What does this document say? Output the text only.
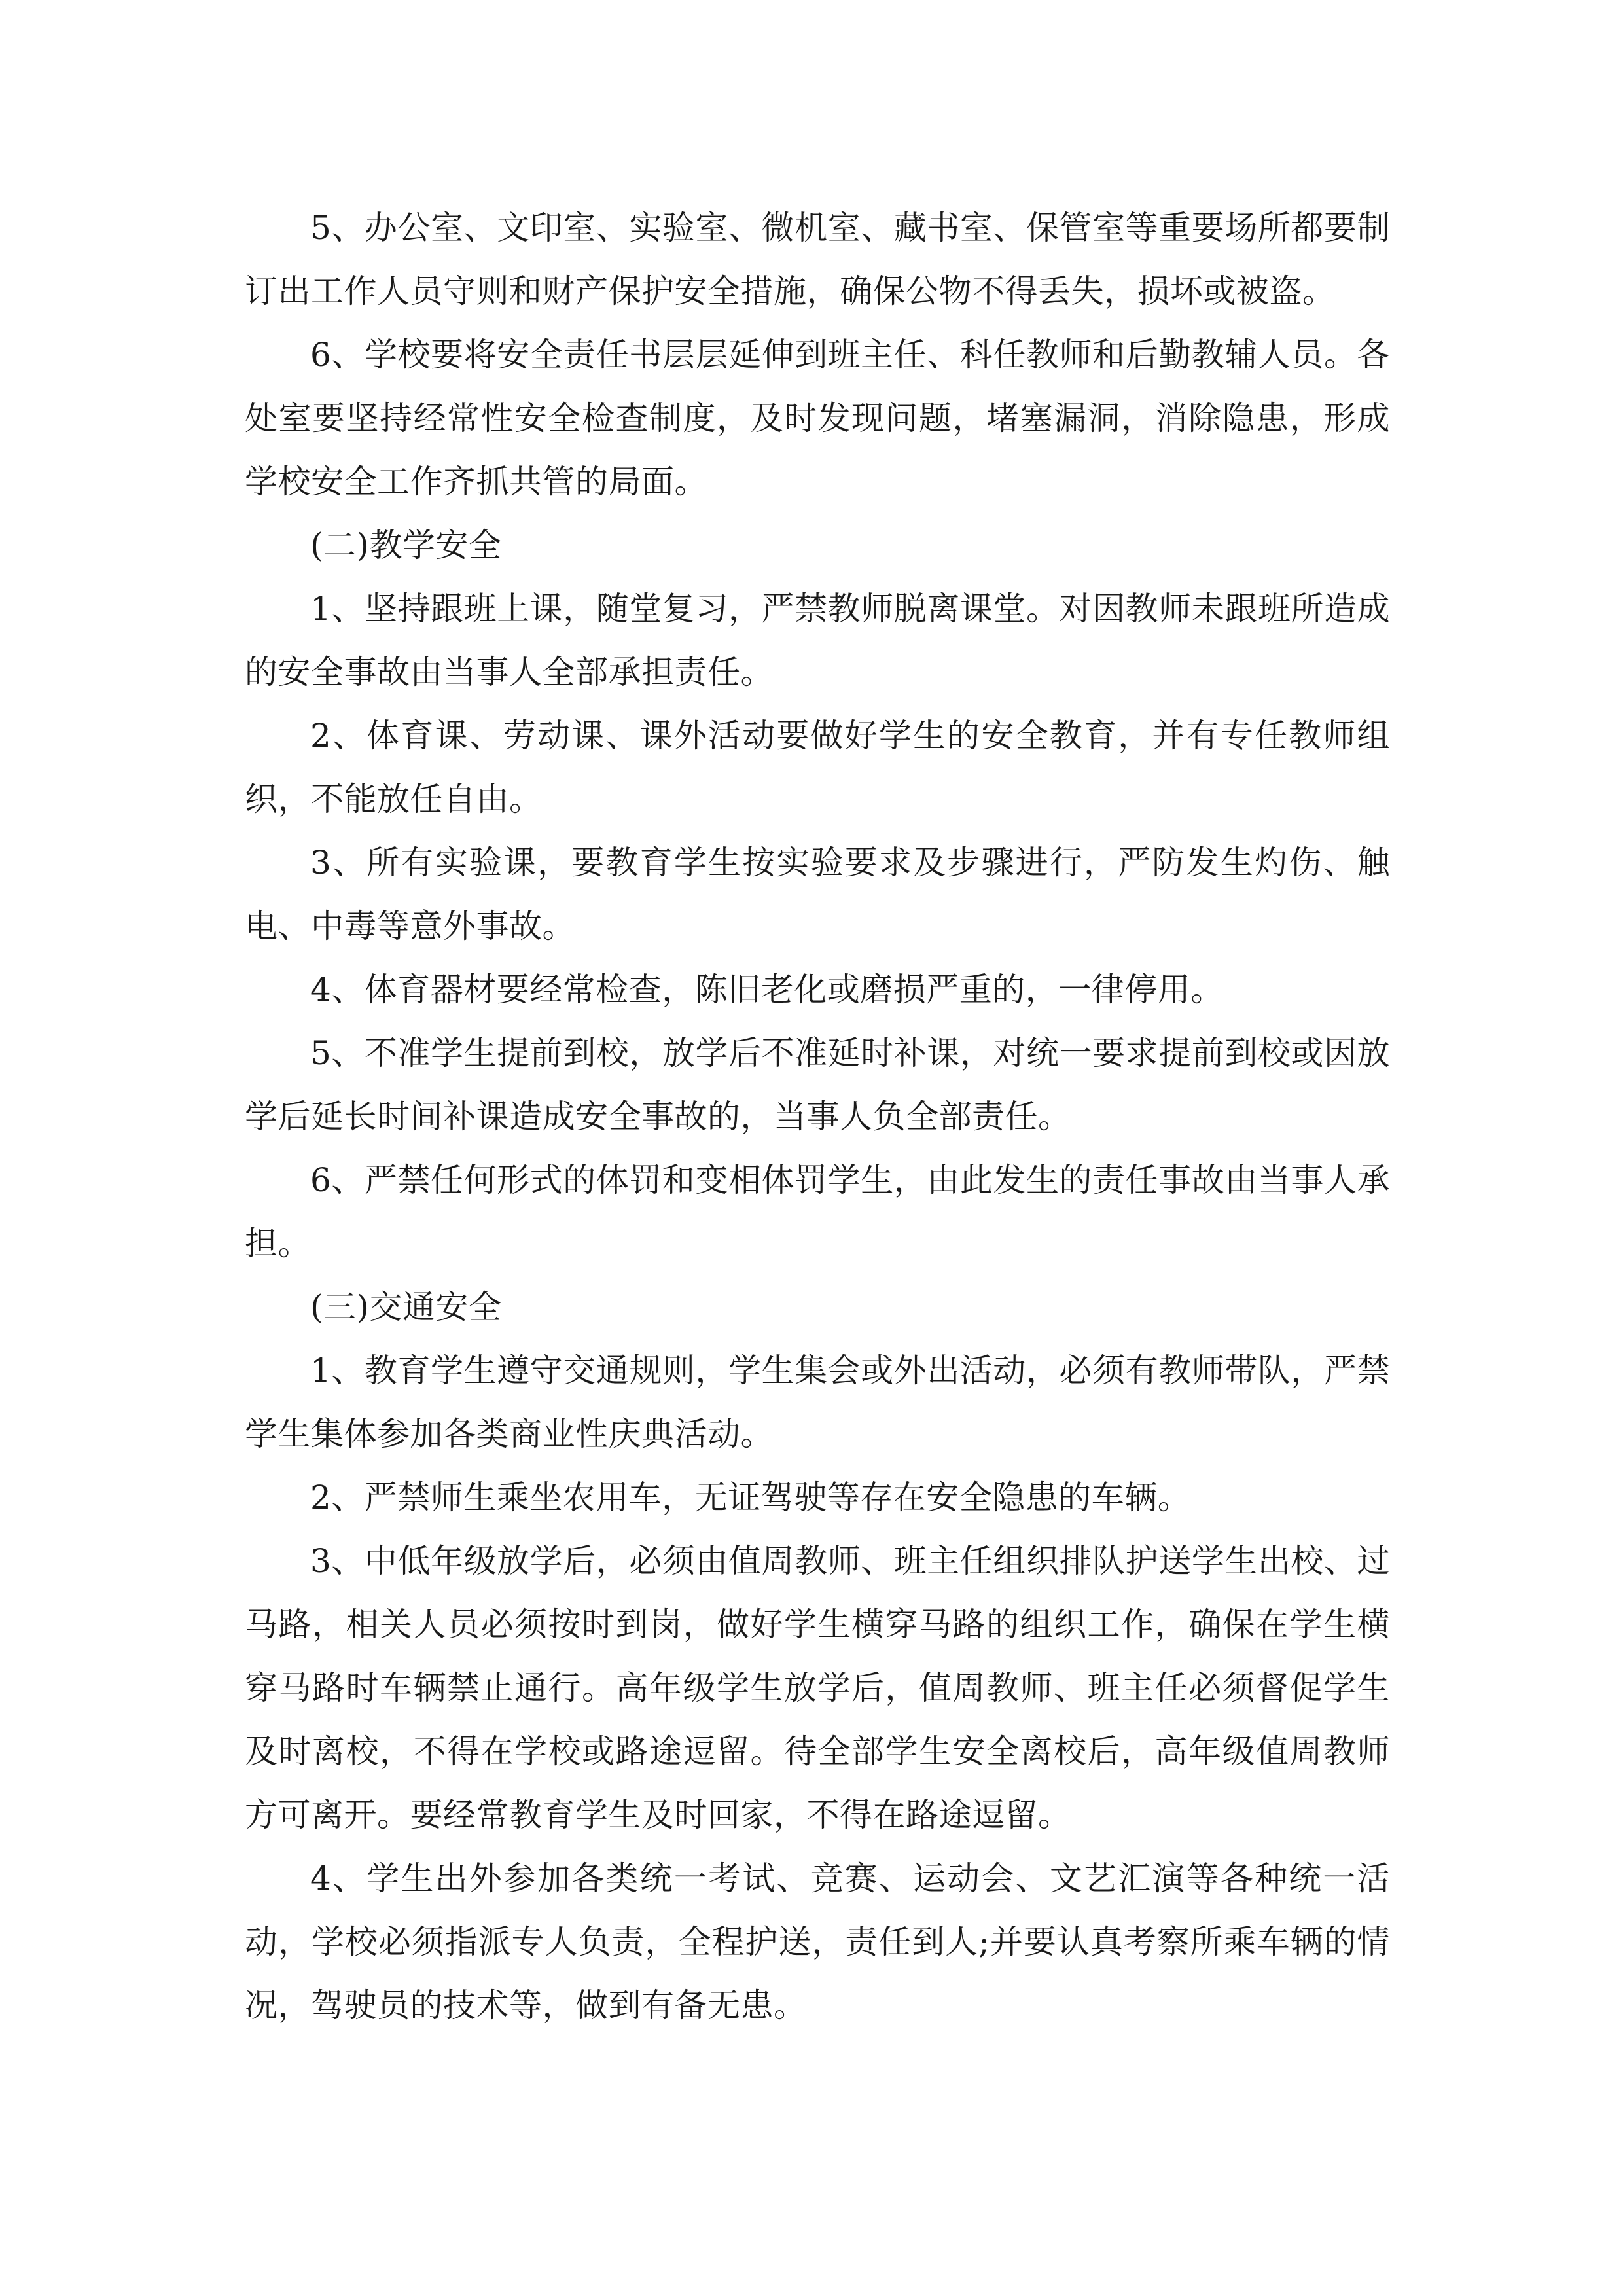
5、办公室、文印室、实验室、微机室、藏书室、保管室等重要场所都要制订出工作人员守则和财产保护安全措施，确保公物不得丢失，损坏或被盗。

6、学校要将安全责任书层层延伸到班主任、科任教师和后勤教辅人员。各处室要坚持经常性安全检查制度，及时发现问题，堵塞漏洞，消除隐患，形成学校安全工作齐抓共管的局面。

(二)教学安全

1、坚持跟班上课，随堂复习，严禁教师脱离课堂。对因教师未跟班所造成的安全事故由当事人全部承担责任。

2、体育课、劳动课、课外活动要做好学生的安全教育，并有专任教师组织，不能放任自由。

3、所有实验课，要教育学生按实验要求及步骤进行，严防发生灼伤、触电、中毒等意外事故。

4、体育器材要经常检查，陈旧老化或磨损严重的，一律停用。

5、不准学生提前到校，放学后不准延时补课，对统一要求提前到校或因放学后延长时间补课造成安全事故的，当事人负全部责任。

6、严禁任何形式的体罚和变相体罚学生，由此发生的责任事故由当事人承担。

(三)交通安全

1、教育学生遵守交通规则，学生集会或外出活动，必须有教师带队，严禁学生集体参加各类商业性庆典活动。

2、严禁师生乘坐农用车，无证驾驶等存在安全隐患的车辆。

3、中低年级放学后，必须由值周教师、班主任组织排队护送学生出校、过马路，相关人员必须按时到岗，做好学生横穿马路的组织工作，确保在学生横穿马路时车辆禁止通行。高年级学生放学后，值周教师、班主任必须督促学生及时离校，不得在学校或路途逗留。待全部学生安全离校后，高年级值周教师方可离开。要经常教育学生及时回家，不得在路途逗留。

4、学生出外参加各类统一考试、竞赛、运动会、文艺汇演等各种统一活动，学校必须指派专人负责，全程护送，责任到人;并要认真考察所乘车辆的情况，驾驶员的技术等，做到有备无患。
